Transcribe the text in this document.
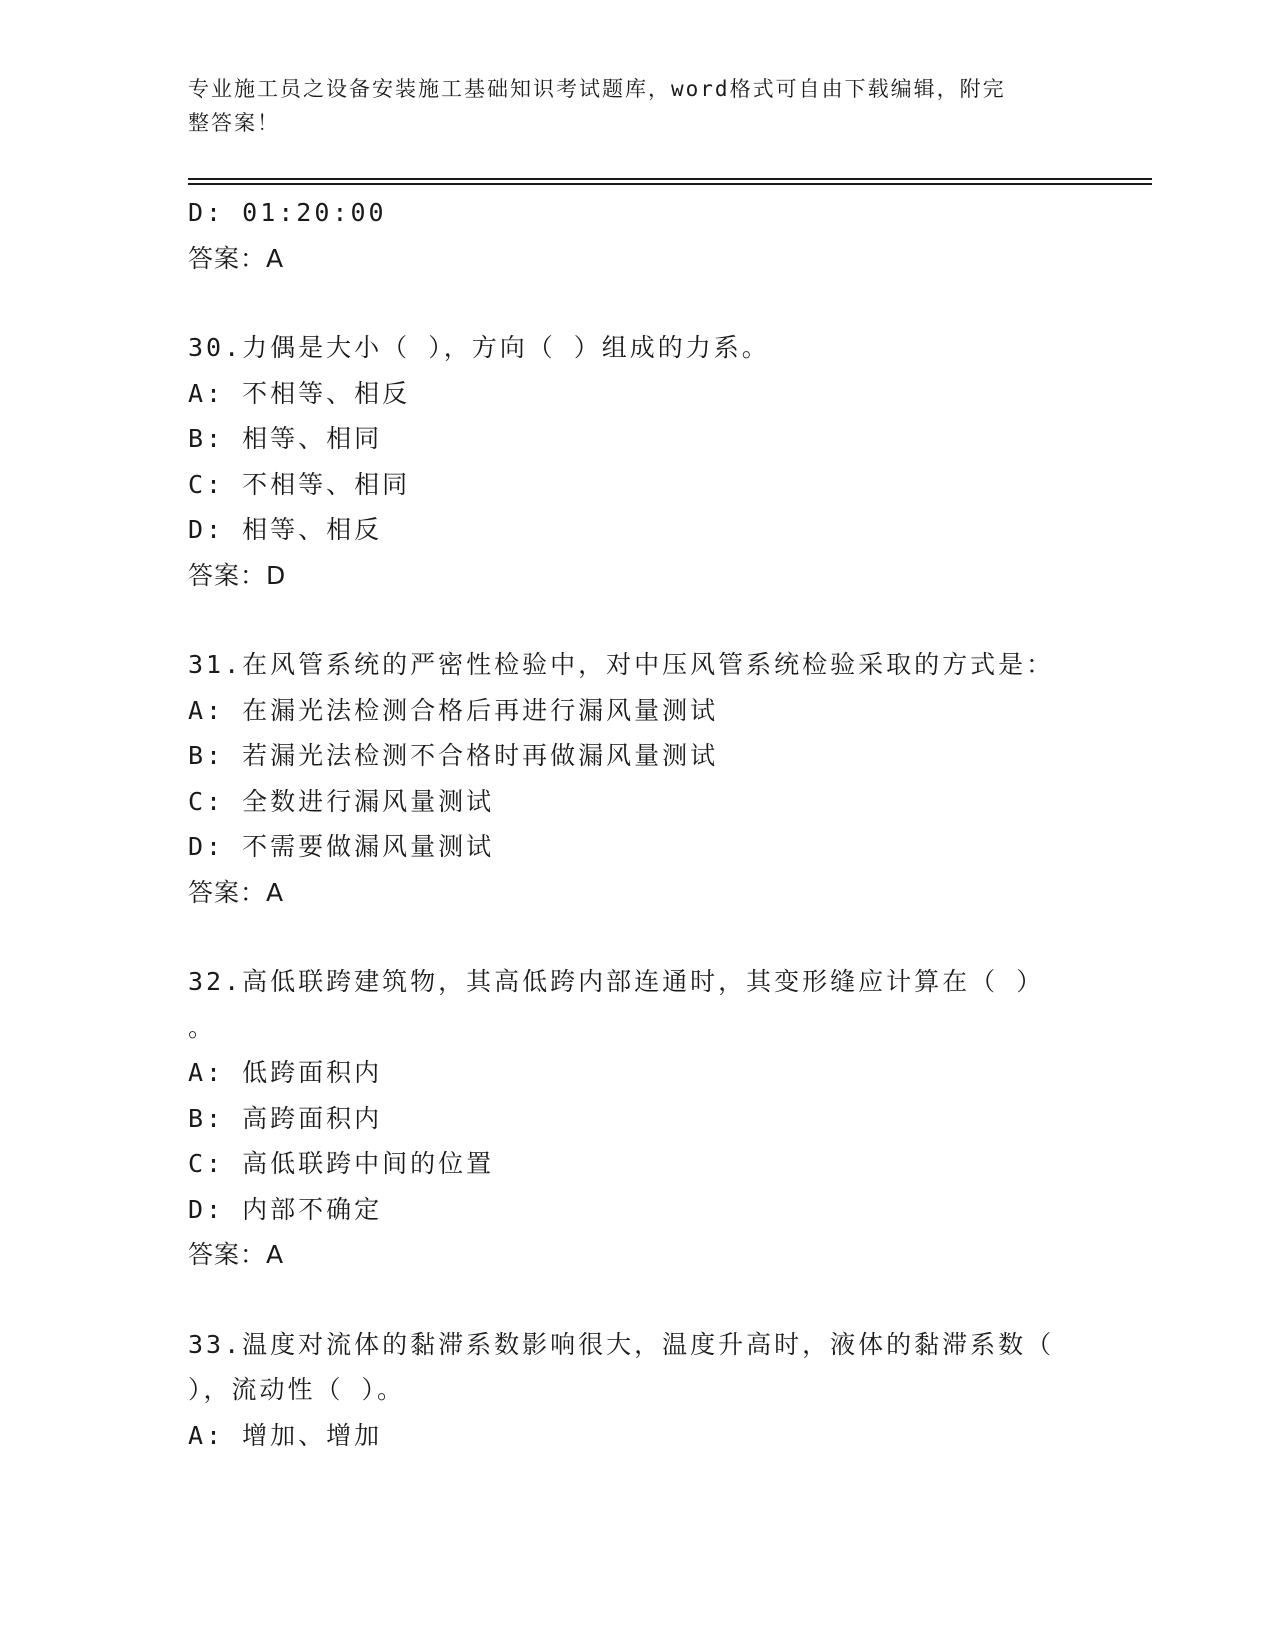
专业施工员之设备安装施工基础知识考试题库，word格式可自由下载编辑，附完
整答案！
D: 01:20:00
答案：A
30.力偶是大小（ ），方向（ ）组成的力系。
A: 不相等、相反
B: 相等、相同
C: 不相等、相同
D: 相等、相反
答案：D
31.在风管系统的严密性检验中，对中压风管系统检验采取的方式是：
A: 在漏光法检测合格后再进行漏风量测试
B: 若漏光法检测不合格时再做漏风量测试
C: 全数进行漏风量测试
D: 不需要做漏风量测试
答案：A
32.高低联跨建筑物，其高低跨内部连通时，其变形缝应计算在（ ）
。
A: 低跨面积内
B: 高跨面积内
C: 高低联跨中间的位置
D: 内部不确定
答案：A
33.温度对流体的黏滞系数影响很大，温度升高时，液体的黏滞系数（
），流动性（ ）。
A: 增加、增加
